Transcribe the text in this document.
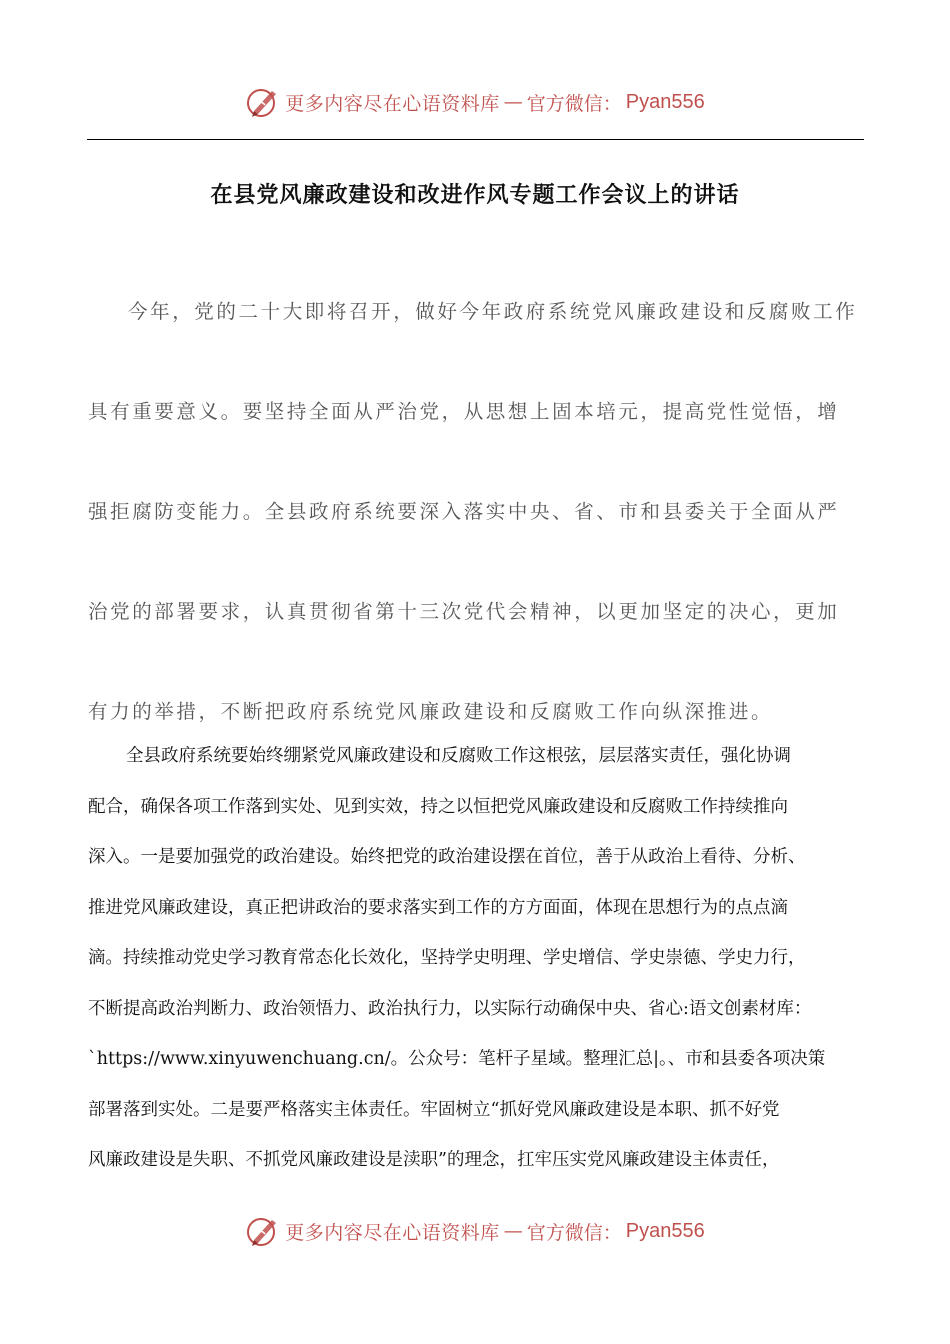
更多内容尽在心语资料库 — 官方微信： Pyan556
在县党风廉政建设和改进作风专题工作会议上的讲话
今年，党的二十大即将召开，做好今年政府系统党风廉政建设和反腐败工作
具有重要意义。要坚持全面从严治党，从思想上固本培元，提高党性觉悟，增
强拒腐防变能力。全县政府系统要深入落实中央、省、市和县委关于全面从严
治党的部署要求，认真贯彻省第十三次党代会精神，以更加坚定的决心，更加
有力的举措，不断把政府系统党风廉政建设和反腐败工作向纵深推进。
全县政府系统要始终绷紧党风廉政建设和反腐败工作这根弦，层层落实责任，强化协调
配合，确保各项工作落到实处、见到实效，持之以恒把党风廉政建设和反腐败工作持续推向
深入。一是要加强党的政治建设。始终把党的政治建设摆在首位，善于从政治上看待、分析、
推进党风廉政建设，真正把讲政治的要求落实到工作的方方面面，体现在思想行为的点点滴
滴。持续推动党史学习教育常态化长效化，坚持学史明理、学史增信、学史崇德、学史力行，
不断提高政治判断力、政治领悟力、政治执行力，以实际行动确保中央、省心:语文创素材库：
`https://www.xinyuwenchuang.cn/。公众号：笔杆子星域。整理汇总|。、市和县委各项决策
部署落到实处。二是要严格落实主体责任。牢固树立“抓好党风廉政建设是本职、抓不好党
风廉政建设是失职、不抓党风廉政建设是渎职”的理念，扛牢压实党风廉政建设主体责任，
更多内容尽在心语资料库 — 官方微信： Pyan556
